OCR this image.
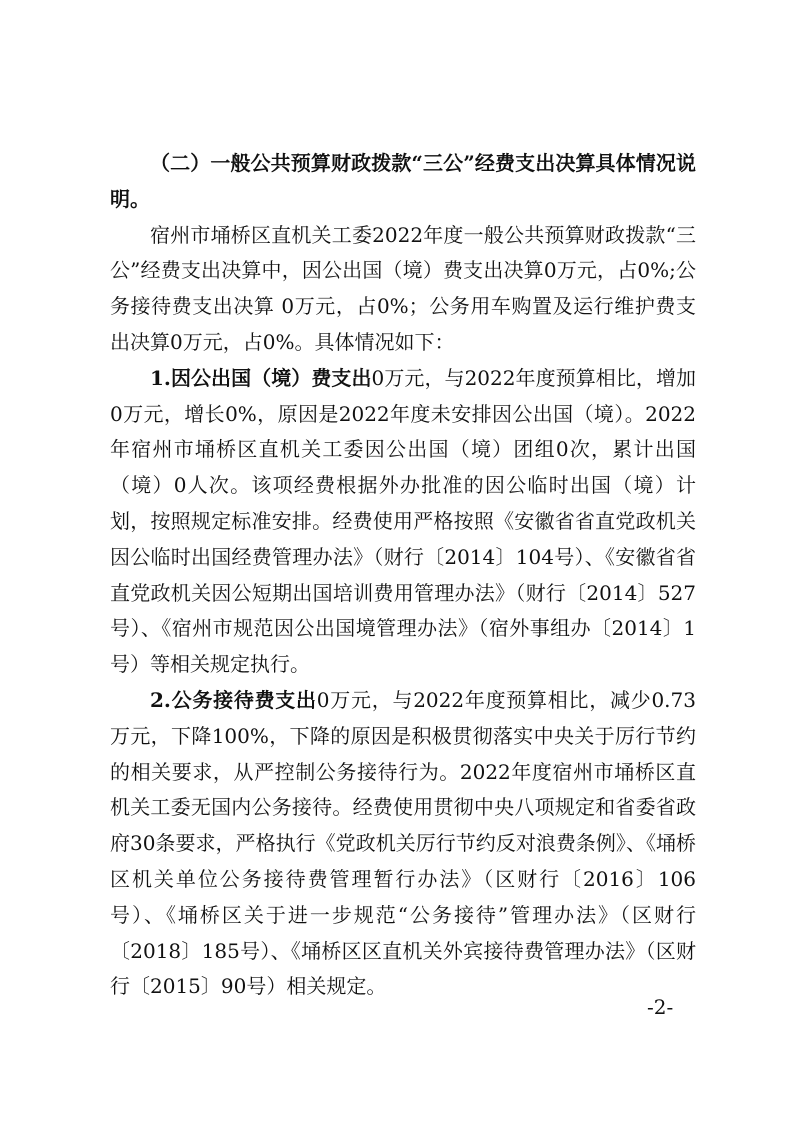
（二）一般公共预算财政拨款“三公”经费支出决算具体情况说明。

宿州市埇桥区直机关工委2022年度一般公共预算财政拨款“三公”经费支出决算中，因公出国（境）费支出决算0万元，占0%;公务接待费支出决算 0万元，占0%；公务用车购置及运行维护费支出决算0万元，占0%。具体情况如下：

1.因公出国（境）费支出0万元，与2022年度预算相比，增加0万元，增长0%，原因是2022年度未安排因公出国（境）。2022年宿州市埇桥区直机关工委因公出国（境）团组0次，累计出国（境）0人次。该项经费根据外办批准的因公临时出国（境）计划，按照规定标准安排。经费使用严格按照《安徽省省直党政机关因公临时出国经费管理办法》（财行〔2014〕104号）、《安徽省省直党政机关因公短期出国培训费用管理办法》（财行〔2014〕527号）、《宿州市规范因公出国境管理办法》（宿外事组办〔2014〕1号）等相关规定执行。

2.公务接待费支出0万元，与2022年度预算相比，减少0.73万元，下降100%，下降的原因是积极贯彻落实中央关于厉行节约的相关要求，从严控制公务接待行为。2022年度宿州市埇桥区直机关工委无国内公务接待。经费使用贯彻中央八项规定和省委省政府30条要求，严格执行《党政机关厉行节约反对浪费条例》、《埇桥区机关单位公务接待费管理暂行办法》（区财行〔2016〕106号）、《埇桥区关于进一步规范“公务接待”管理办法》（区财行〔2018〕185号）、《埇桥区区直机关外宾接待费管理办法》（区财行〔2015〕90号）相关规定。

-2-
